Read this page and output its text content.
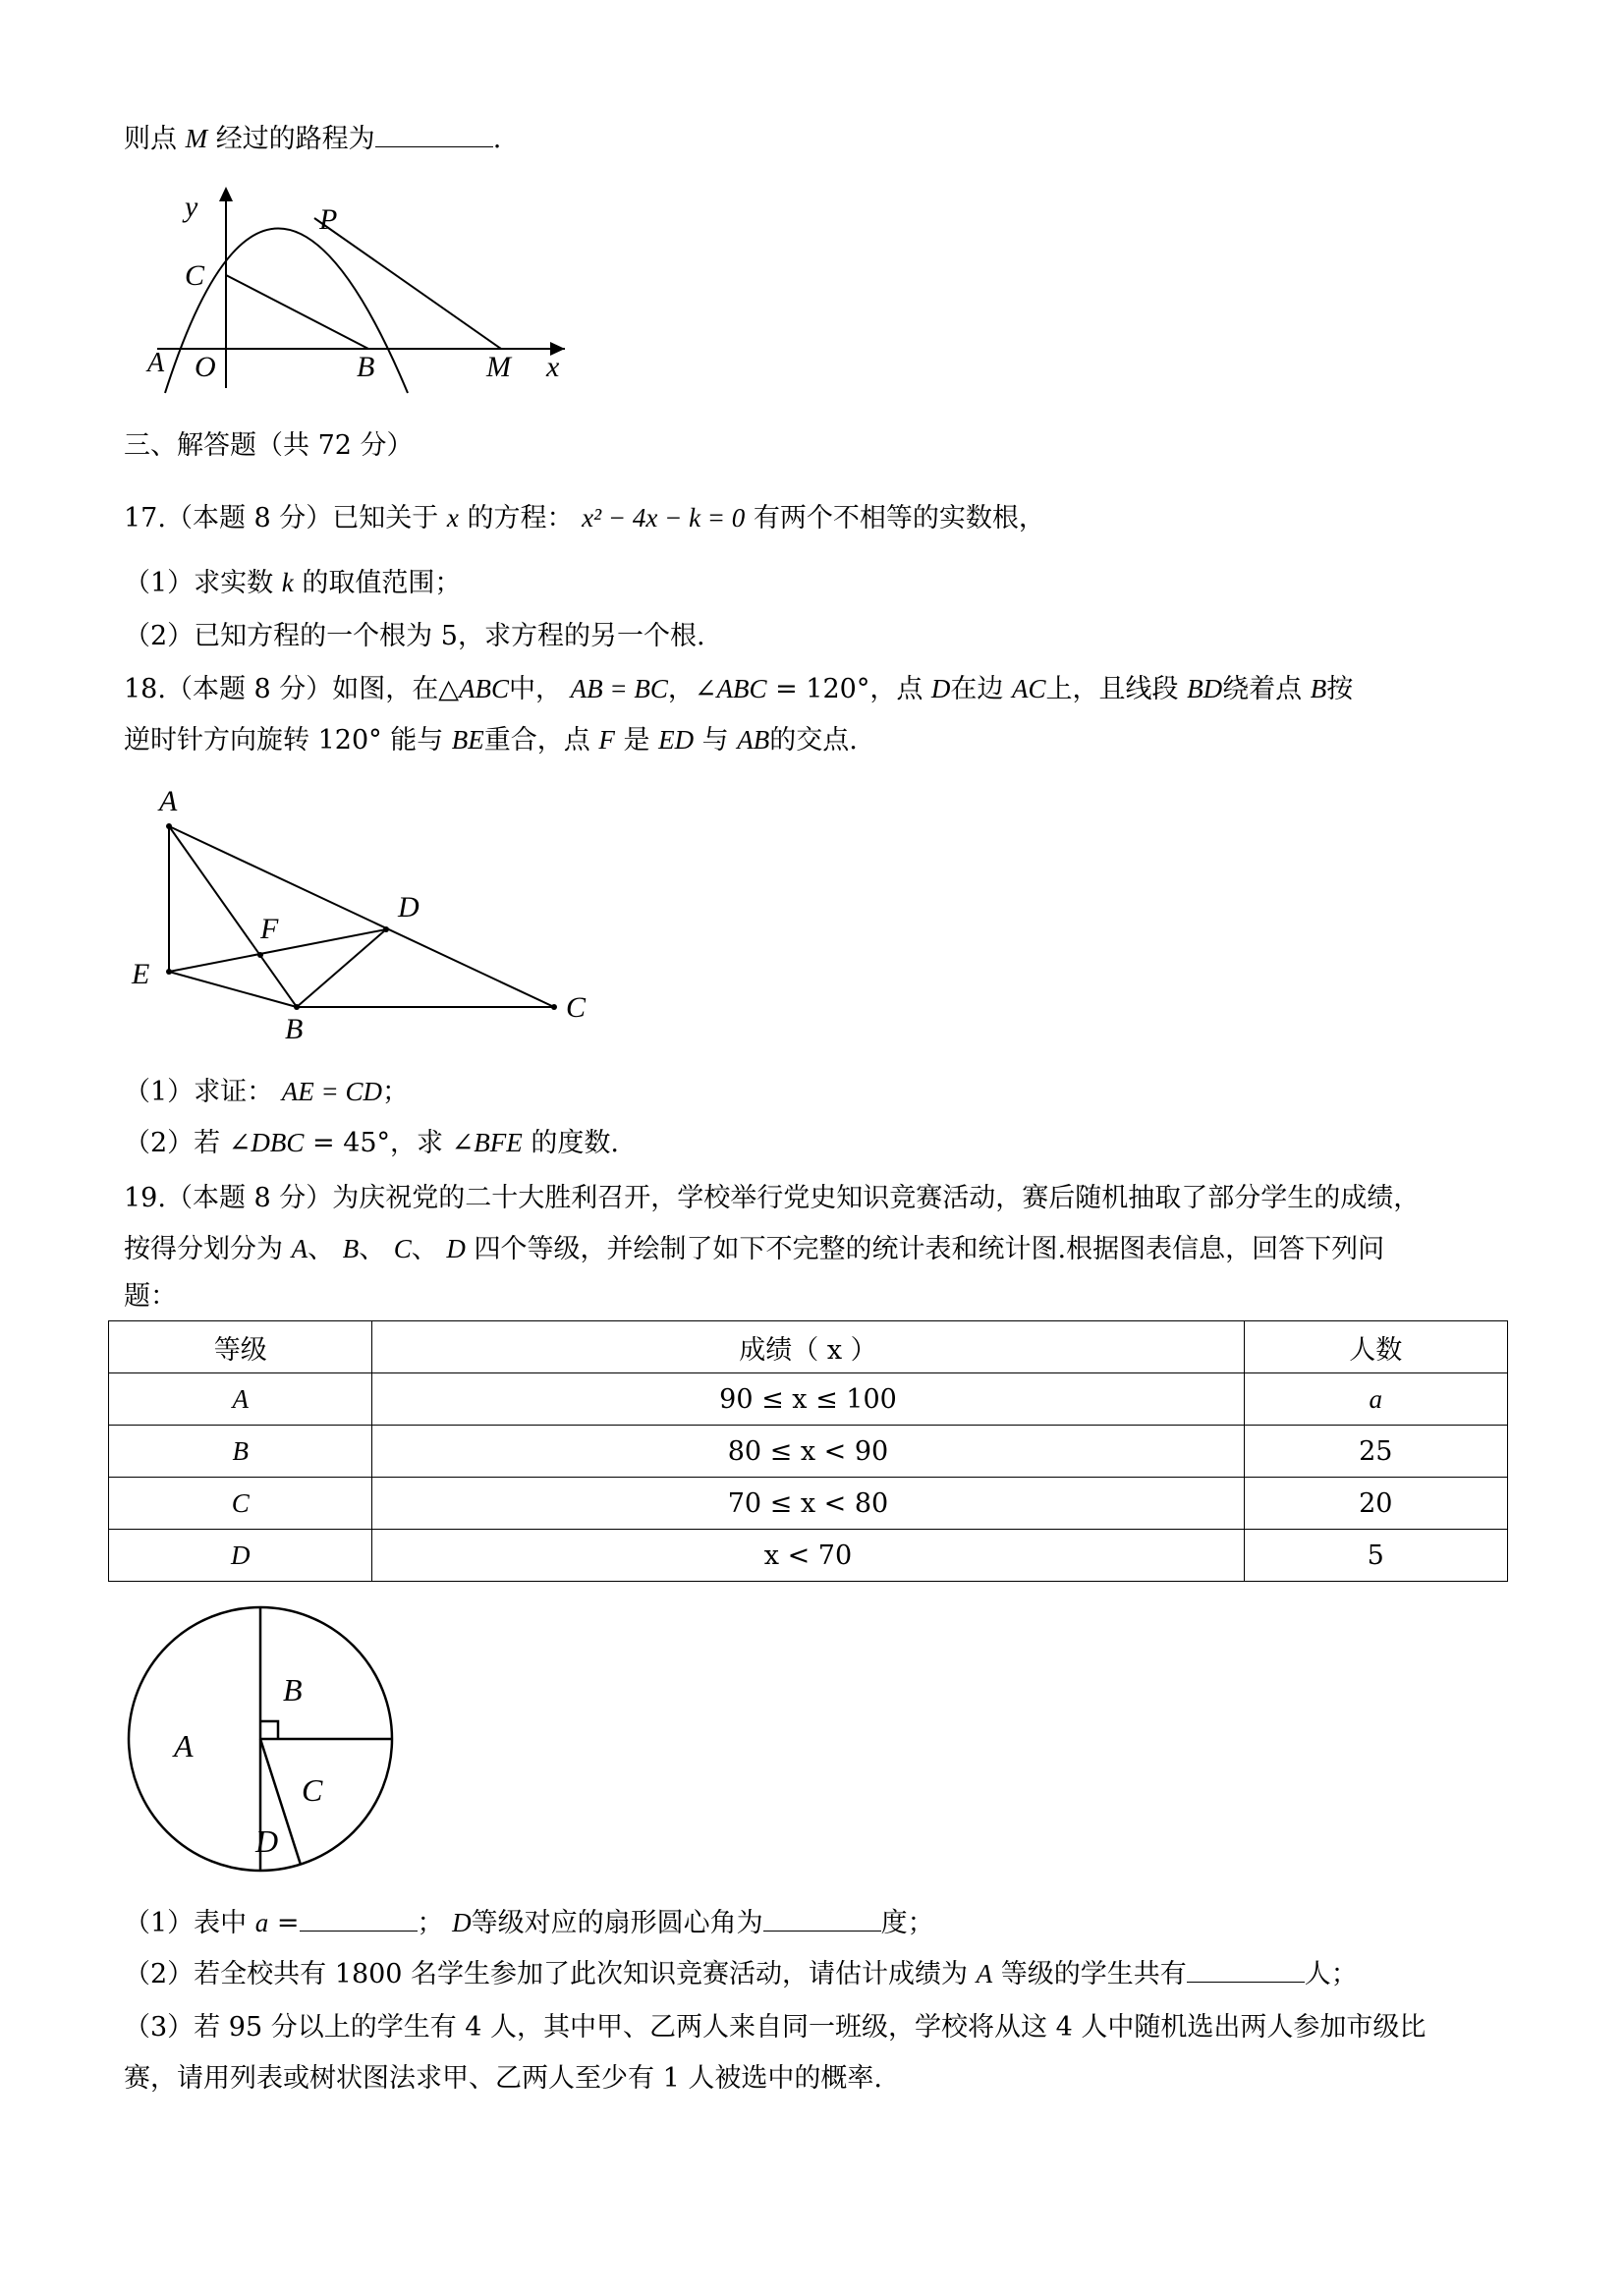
则点 M 经过的路程为	.
y	P
C
A O	B	M x
三、解答题（共 72 分）
17.（本题 8 分）已知关于 x 的方程： x² − 4x − k = 0 有两个不相等的实数根，
（1）求实数 k 的取值范围；
（2）已知方程的一个根为 5，求方程的另一个根.
18.（本题 8 分）如图，在△ABC中， AB = BC，∠ABC = 120°，点 D在边 AC上，且线段 BD绕着点 B按
逆时针方向旋转 120° 能与 BE重合，点 F 是 ED 与 AB的交点.
A
D
F
E
B
C
（1）求证： AE = CD；
（2）若 ∠DBC = 45°，求 ∠BFE 的度数.
19.（本题 8 分）为庆祝党的二十大胜利召开，学校举行党史知识竞赛活动，赛后随机抽取了部分学生的成绩，
按得分划分为 A、 B、 C、 D 四个等级，并绘制了如下不完整的统计表和统计图.根据图表信息，回答下列问
题：
等级	成绩（ x ）	人数
A	90 ≤ x ≤ 100	a
B	80 ≤ x < 90	25
C	70 ≤ x < 80	20
D	x < 70	5
B
A
C
D
（1）表中 a =	； D等级对应的扇形圆心角为	度；
（2）若全校共有 1800 名学生参加了此次知识竞赛活动，请估计成绩为 A 等级的学生共有	人；
（3）若 95 分以上的学生有 4 人，其中甲、乙两人来自同一班级，学校将从这 4 人中随机选出两人参加市级比
赛，请用列表或树状图法求甲、乙两人至少有 1 人被选中的概率.
